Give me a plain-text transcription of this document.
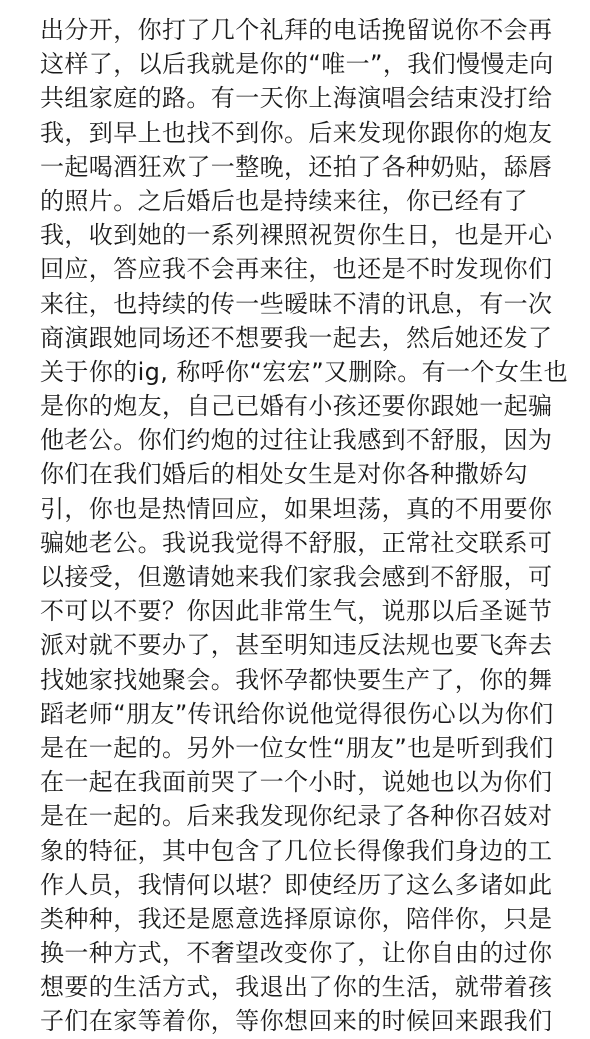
出分开，你打了几个礼拜的电话挽留说你不会再
这样了，以后我就是你的“唯一”，我们慢慢走向
共组家庭的路。有一天你上海演唱会结束没打给
我，到早上也找不到你。后来发现你跟你的炮友
一起喝酒狂欢了一整晚，还拍了各种奶贴，舔唇
的照片。之后婚后也是持续来往，你已经有了
我，收到她的一系列裸照祝贺你生日，也是开心
回应，答应我不会再来往，也还是不时发现你们
来往，也持续的传一些暧昧不清的讯息，有一次
商演跟她同场还不想要我一起去，然后她还发了
关于你的ig, 称呼你“宏宏”又删除。有一个女生也
是你的炮友，自己已婚有小孩还要你跟她一起骗
他老公。你们约炮的过往让我感到不舒服，因为
你们在我们婚后的相处女生是对你各种撒娇勾
引，你也是热情回应，如果坦荡，真的不用要你
骗她老公。我说我觉得不舒服，正常社交联系可
以接受，但邀请她来我们家我会感到不舒服，可
不可以不要？你因此非常生气，说那以后圣诞节
派对就不要办了，甚至明知违反法规也要飞奔去
找她家找她聚会。我怀孕都快要生产了，你的舞
蹈老师“朋友”传讯给你说他觉得很伤心以为你们
是在一起的。另外一位女性“朋友”也是听到我们
在一起在我面前哭了一个小时，说她也以为你们
是在一起的。后来我发现你纪录了各种你召妓对
象的特征，其中包含了几位长得像我们身边的工
作人员，我情何以堪？即使经历了这么多诸如此
类种种，我还是愿意选择原谅你，陪伴你，只是
换一种方式，不奢望改变你了，让你自由的过你
想要的生活方式，我退出了你的生活，就带着孩
子们在家等着你，等你想回来的时候回来跟我们
